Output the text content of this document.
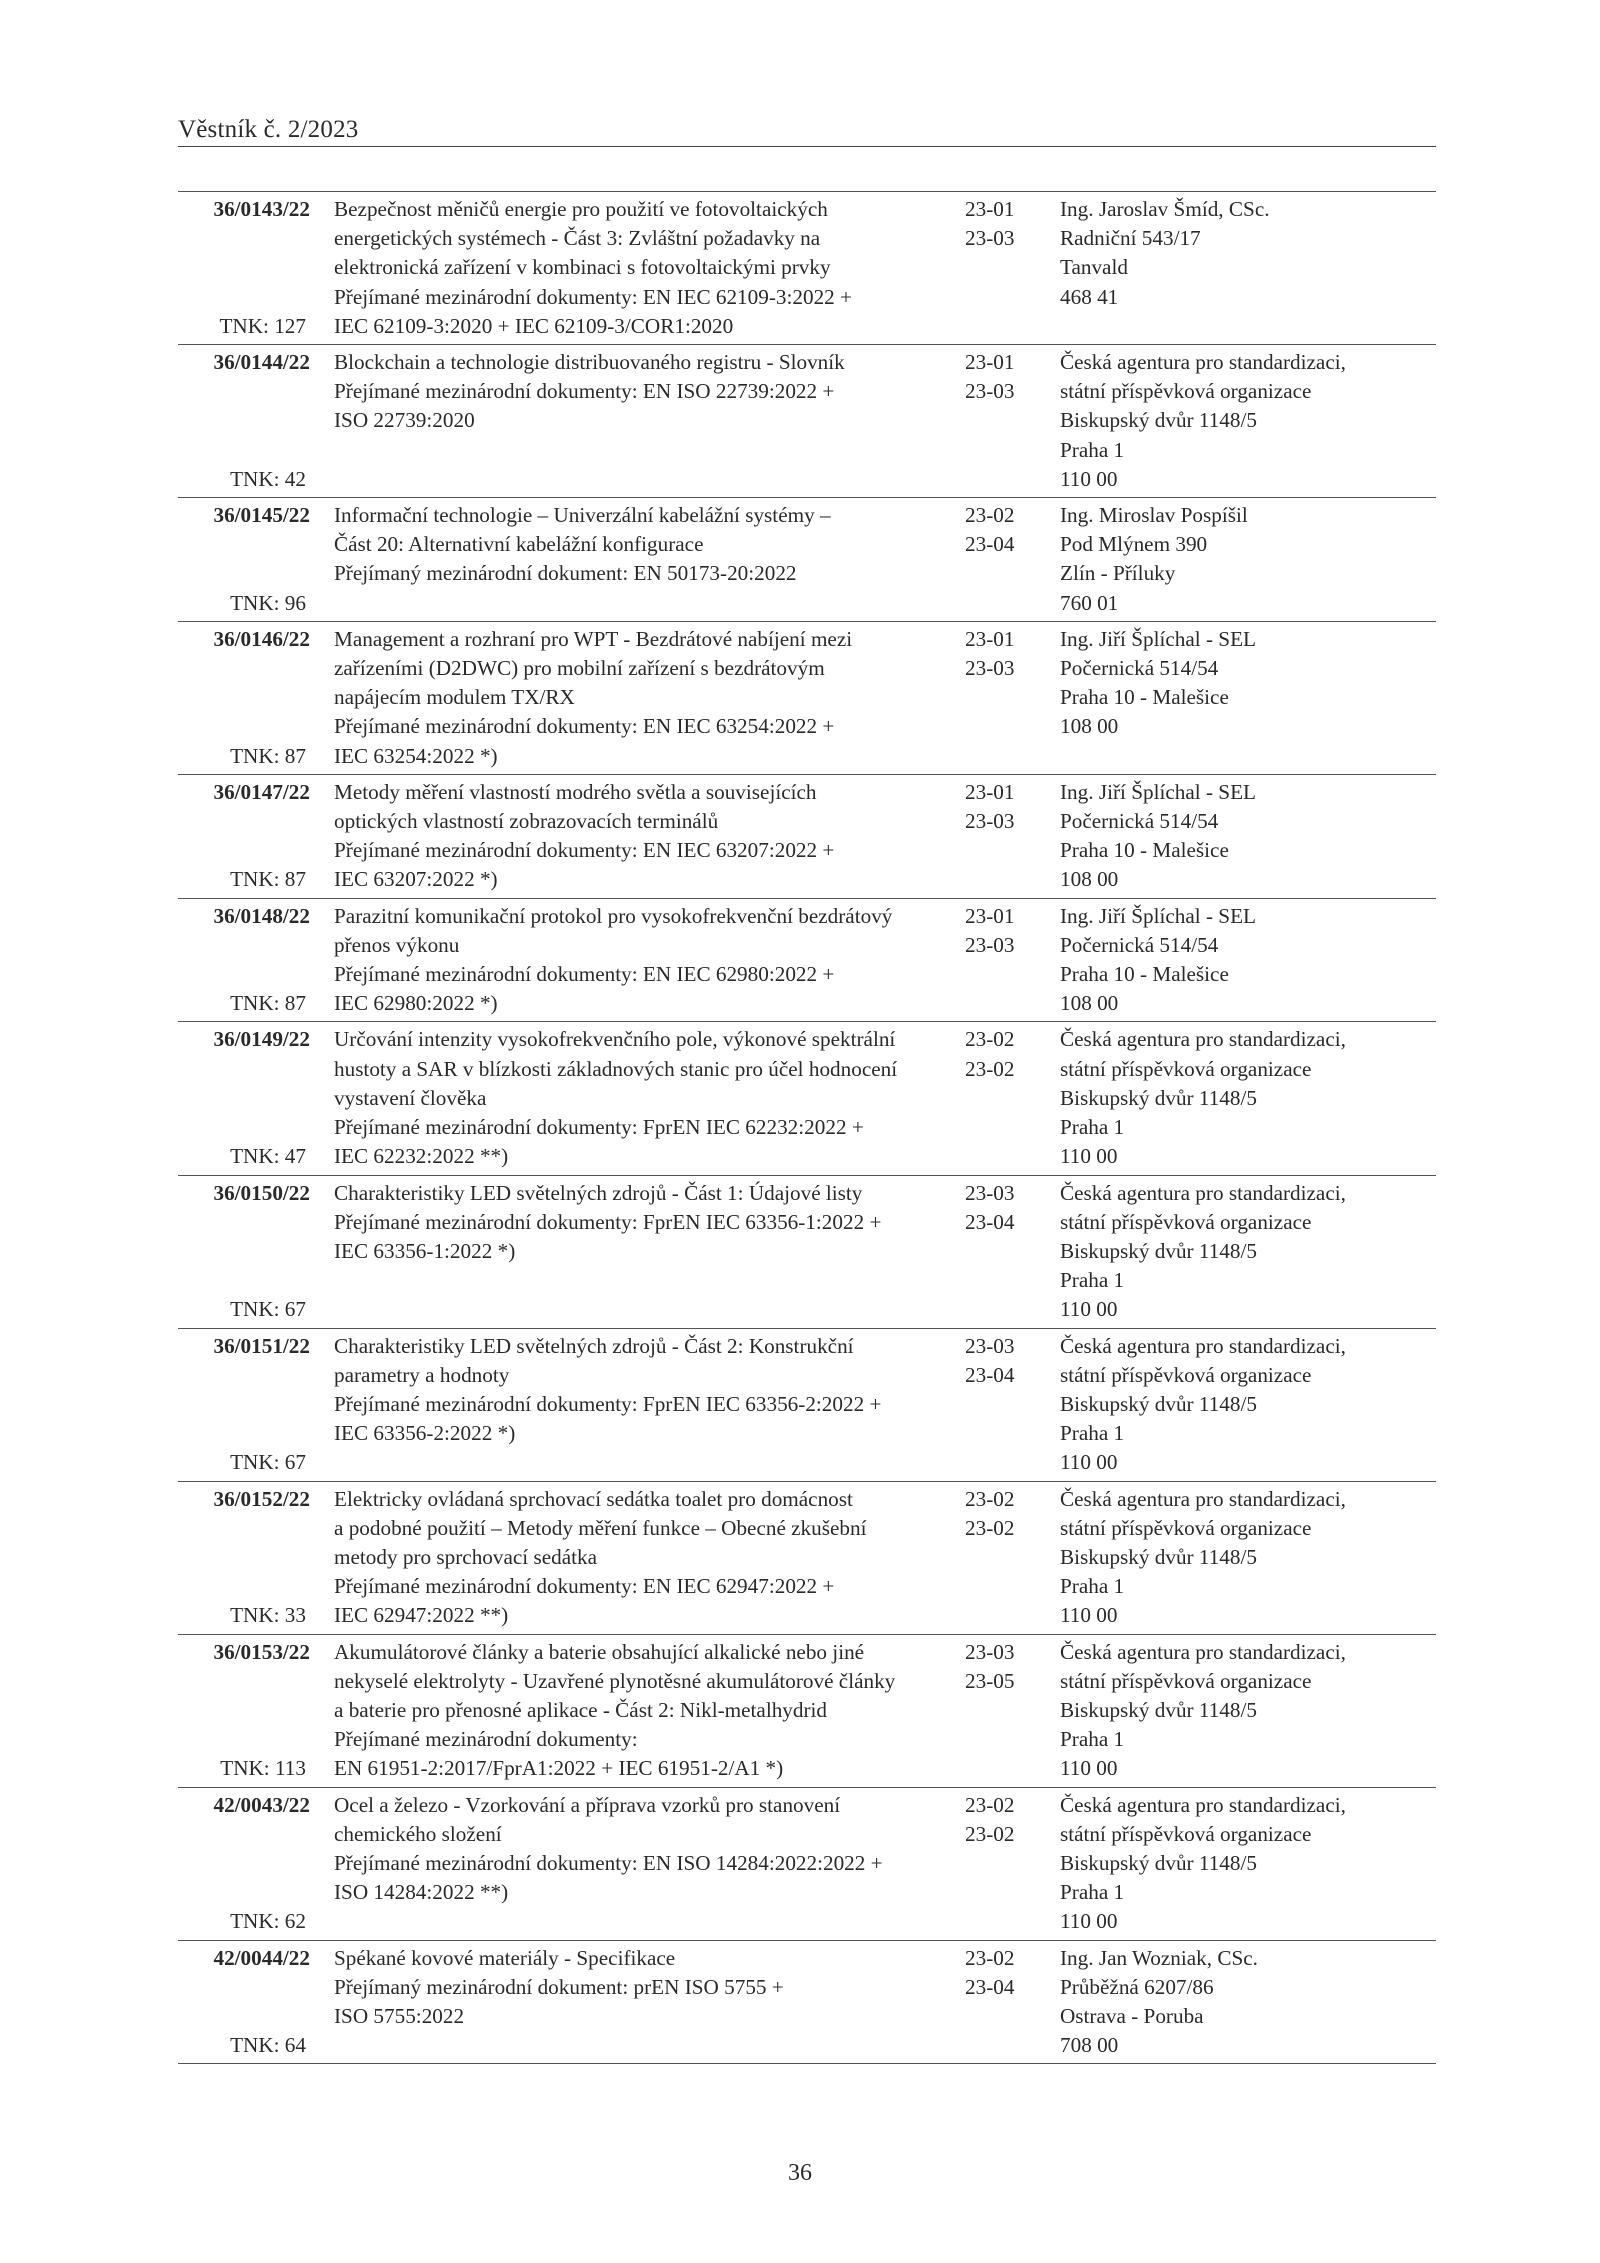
Věstník č. 2/2023
36/0143/22
TNK: 127
Bezpečnost měničů energie pro použití ve fotovoltaických
energetických systémech - Část 3: Zvláštní požadavky na
elektronická zařízení v kombinaci s fotovoltaickými prvky
Přejímané mezinárodní dokumenty: EN IEC 62109-3:2022 +
IEC 62109-3:2020 + IEC 62109-3/COR1:2020
23-01
23-03
Ing. Jaroslav Šmíd, CSc.
Radniční 543/17
Tanvald
468 41
36/0144/22
TNK: 42
Blockchain a technologie distribuovaného registru - Slovník
Přejímané mezinárodní dokumenty: EN ISO 22739:2022 +
ISO 22739:2020
23-01
23-03
Česká agentura pro standardizaci,
státní příspěvková organizace
Biskupský dvůr 1148/5
Praha 1
110 00
36/0145/22
TNK: 96
Informační technologie – Univerzální kabelážní systémy –
Část 20: Alternativní kabelážní konfigurace
Přejímaný mezinárodní dokument: EN 50173-20:2022
23-02
23-04
Ing. Miroslav Pospíšil
Pod Mlýnem 390
Zlín - Příluky
760 01
36/0146/22
TNK: 87
Management a rozhraní pro WPT - Bezdrátové nabíjení mezi
zařízeními (D2DWC) pro mobilní zařízení s bezdrátovým
napájecím modulem TX/RX
Přejímané mezinárodní dokumenty: EN IEC 63254:2022 +
IEC 63254:2022 *)
23-01
23-03
Ing. Jiří Šplíchal - SEL
Počernická 514/54
Praha 10 - Malešice
108 00
36/0147/22
TNK: 87
Metody měření vlastností modrého světla a souvisejících
optických vlastností zobrazovacích terminálů
Přejímané mezinárodní dokumenty: EN IEC 63207:2022 +
IEC 63207:2022 *)
23-01
23-03
Ing. Jiří Šplíchal - SEL
Počernická 514/54
Praha 10 - Malešice
108 00
36/0148/22
TNK: 87
Parazitní komunikační protokol pro vysokofrekvenční bezdrátový
přenos výkonu
Přejímané mezinárodní dokumenty: EN IEC 62980:2022 +
IEC 62980:2022 *)
23-01
23-03
Ing. Jiří Šplíchal - SEL
Počernická 514/54
Praha 10 - Malešice
108 00
36/0149/22
TNK: 47
Určování intenzity vysokofrekvenčního pole, výkonové spektrální
hustoty a SAR v blízkosti základnových stanic pro účel hodnocení
vystavení člověka
Přejímané mezinárodní dokumenty: FprEN IEC 62232:2022 +
IEC 62232:2022 **)
23-02
23-02
Česká agentura pro standardizaci,
státní příspěvková organizace
Biskupský dvůr 1148/5
Praha 1
110 00
36/0150/22
TNK: 67
Charakteristiky LED světelných zdrojů - Část 1: Údajové listy
Přejímané mezinárodní dokumenty: FprEN IEC 63356-1:2022 +
IEC 63356-1:2022 *)
23-03
23-04
Česká agentura pro standardizaci,
státní příspěvková organizace
Biskupský dvůr 1148/5
Praha 1
110 00
36/0151/22
TNK: 67
Charakteristiky LED světelných zdrojů - Část 2: Konstrukční
parametry a hodnoty
Přejímané mezinárodní dokumenty: FprEN IEC 63356-2:2022 +
IEC 63356-2:2022 *)
23-03
23-04
Česká agentura pro standardizaci,
státní příspěvková organizace
Biskupský dvůr 1148/5
Praha 1
110 00
36/0152/22
TNK: 33
Elektricky ovládaná sprchovací sedátka toalet pro domácnost
a podobné použití – Metody měření funkce – Obecné zkušební
metody pro sprchovací sedátka
Přejímané mezinárodní dokumenty: EN IEC 62947:2022 +
IEC 62947:2022 **)
23-02
23-02
Česká agentura pro standardizaci,
státní příspěvková organizace
Biskupský dvůr 1148/5
Praha 1
110 00
36/0153/22
TNK: 113
Akumulátorové články a baterie obsahující alkalické nebo jiné
nekyselé elektrolyty - Uzavřené plynotěsné akumulátorové články
a baterie pro přenosné aplikace - Část 2: Nikl-metalhydrid
Přejímané mezinárodní dokumenty:
EN 61951-2:2017/FprA1:2022 + IEC 61951-2/A1 *)
23-03
23-05
Česká agentura pro standardizaci,
státní příspěvková organizace
Biskupský dvůr 1148/5
Praha 1
110 00
42/0043/22
TNK: 62
Ocel a železo - Vzorkování a příprava vzorků pro stanovení
chemického složení
Přejímané mezinárodní dokumenty: EN ISO 14284:2022:2022 +
ISO 14284:2022 **)
23-02
23-02
Česká agentura pro standardizaci,
státní příspěvková organizace
Biskupský dvůr 1148/5
Praha 1
110 00
42/0044/22
TNK: 64
Spékané kovové materiály - Specifikace
Přejímaný mezinárodní dokument: prEN ISO 5755 +
ISO 5755:2022
23-02
23-04
Ing. Jan Wozniak, CSc.
Průběžná 6207/86
Ostrava - Poruba
708 00
36
